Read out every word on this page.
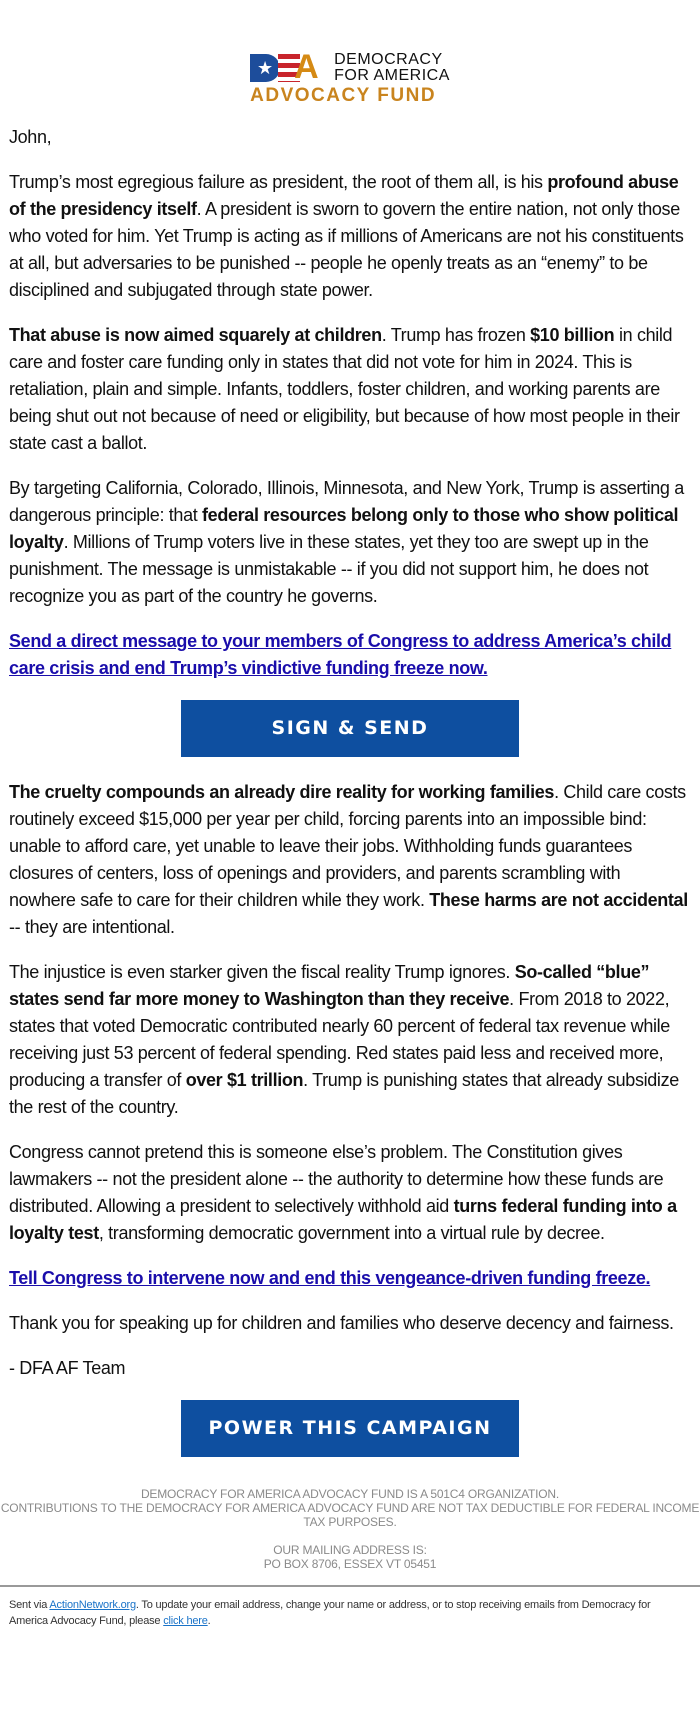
★ A DEMOCRACY
FOR AMERICA
ADVOCACY FUND

John,

Trump’s most egregious failure as president, the root of them all, is his profound abuse of the presidency itself. A president is sworn to govern the entire nation, not only those who voted for him. Yet Trump is acting as if millions of Americans are not his constituents at all, but adversaries to be punished -- people he openly treats as an “enemy” to be disciplined and subjugated through state power.

That abuse is now aimed squarely at children. Trump has frozen $10 billion in child care and foster care funding only in states that did not vote for him in 2024. This is retaliation, plain and simple. Infants, toddlers, foster children, and working parents are being shut out not because of need or eligibility, but because of how most people in their state cast a ballot.

By targeting California, Colorado, Illinois, Minnesota, and New York, Trump is asserting a dangerous principle: that federal resources belong only to those who show political loyalty. Millions of Trump voters live in these states, yet they too are swept up in the punishment. The message is unmistakable -- if you did not support him, he does not recognize you as part of the country he governs.

Send a direct message to your members of Congress to address America’s child care crisis and end Trump’s vindictive funding freeze now.

SIGN & SEND

The cruelty compounds an already dire reality for working families. Child care costs routinely exceed $15,000 per year per child, forcing parents into an impossible bind: unable to afford care, yet unable to leave their jobs. Withholding funds guarantees closures of centers, loss of openings and providers, and parents scrambling with nowhere safe to care for their children while they work. These harms are not accidental -- they are intentional.

The injustice is even starker given the fiscal reality Trump ignores. So-called “blue” states send far more money to Washington than they receive. From 2018 to 2022, states that voted Democratic contributed nearly 60 percent of federal tax revenue while receiving just 53 percent of federal spending. Red states paid less and received more, producing a transfer of over $1 trillion. Trump is punishing states that already subsidize the rest of the country.

Congress cannot pretend this is someone else’s problem. The Constitution gives lawmakers -- not the president alone -- the authority to determine how these funds are distributed. Allowing a president to selectively withhold aid turns federal funding into a loyalty test, transforming democratic government into a virtual rule by decree.

Tell Congress to intervene now and end this vengeance-driven funding freeze.

Thank you for speaking up for children and families who deserve decency and fairness.

- DFA AF Team

POWER THIS CAMPAIGN

DEMOCRACY FOR AMERICA ADVOCACY FUND IS A 501C4 ORGANIZATION.
CONTRIBUTIONS TO THE DEMOCRACY FOR AMERICA ADVOCACY FUND ARE NOT TAX DEDUCTIBLE FOR FEDERAL INCOME TAX PURPOSES.

OUR MAILING ADDRESS IS:
PO BOX 8706, ESSEX VT 05451

Sent via ActionNetwork.org. To update your email address, change your name or address, or to stop receiving emails from Democracy for America Advocacy Fund, please click here.
